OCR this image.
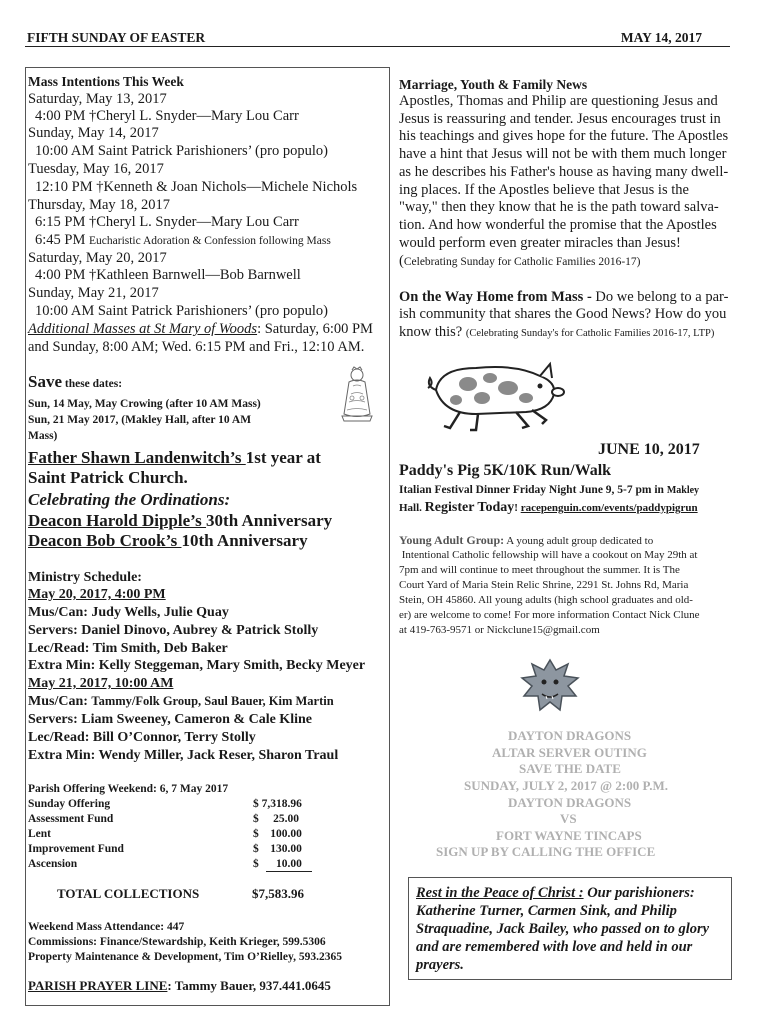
FIFTH SUNDAY OF EASTER	MAY 14, 2017
Mass Intentions This Week
Saturday, May 13, 2017
4:00 PM †Cheryl L. Snyder—Mary Lou Carr
Sunday, May 14, 2017
10:00 AM Saint Patrick Parishioners’ (pro populo)
Tuesday, May 16, 2017
12:10 PM †Kenneth & Joan Nichols—Michele Nichols
Thursday, May 18, 2017
6:15 PM †Cheryl L. Snyder—Mary Lou Carr
6:45 PM Eucharistic Adoration & Confession following Mass
Saturday, May 20, 2017
4:00 PM †Kathleen Barnwell—Bob Barnwell
Sunday, May 21, 2017
10:00 AM Saint Patrick Parishioners’ (pro populo)
Additional Masses at St Mary of Woods: Saturday, 6:00 PM
and Sunday, 8:00 AM; Wed. 6:15 PM and Fri., 12:10 AM.
Save these dates:
Sun, 14 May, May Crowing (after 10 AM Mass)
Sun, 21 May 2017, (Makley Hall, after 10 AM
Mass)
Father Shawn Landenwitch’s 1st year at
Saint Patrick Church.
Celebrating the Ordinations:
Deacon Harold Dipple’s 30th Anniversary
Deacon Bob Crook’s 10th Anniversary
Ministry Schedule:
May 20, 2017, 4:00 PM
Mus/Can: Judy Wells, Julie Quay
Servers: Daniel Dinovo, Aubrey & Patrick Stolly
Lec/Read: Tim Smith, Deb Baker
Extra Min: Kelly Steggeman, Mary Smith, Becky Meyer
May 21, 2017, 10:00 AM
Mus/Can: Tammy/Folk Group, Saul Bauer, Kim Martin
Servers: Liam Sweeney, Cameron & Cale Kline
Lec/Read: Bill O’Connor, Terry Stolly
Extra Min: Wendy Miller, Jack Reser, Sharon Traul
Parish Offering Weekend: 6, 7 May 2017
Sunday Offering	$ 7,318.96
Assessment Fund	$     25.00
Lent	$    100.00
Improvement Fund	$    130.00
Ascension	$      10.00
TOTAL COLLECTIONS	$7,583.96
Weekend Mass Attendance: 447
Commissions: Finance/Stewardship, Keith Krieger, 599.5306
Property Maintenance & Development, Tim O’Rielley, 593.2365
PARISH PRAYER LINE: Tammy Bauer, 937.441.0645
Marriage, Youth & Family News
Apostles, Thomas and Philip are questioning Jesus and
Jesus is reassuring and tender. Jesus encourages trust in
his teachings and gives hope for the future. The Apostles
have a hint that Jesus will not be with them much longer
as he describes his Father's house as having many dwell-
ing places. If the Apostles believe that Jesus is the
"way," then they know that he is the path toward salva-
tion. And how wonderful the promise that the Apostles
would perform even greater miracles than Jesus!
(Celebrating Sunday for Catholic Families 2016-17)
On the Way Home from Mass - Do we belong to a par-
ish community that shares the Good News? How do you
know this? (Celebrating Sunday's for Catholic Families 2016-17, LTP)
JUNE 10, 2017
Paddy's Pig 5K/10K Run/Walk
Italian Festival Dinner Friday Night June 9, 5-7 pm in Makley
Hall. Register Today! racepenguin.com/events/paddypigrun
Young Adult Group: A young adult group dedicated to
Intentional Catholic fellowship will have a cookout on May 29th at
7pm and will continue to meet throughout the summer. It is The
Court Yard of Maria Stein Relic Shrine, 2291 St. Johns Rd, Maria
Stein, OH 45860. All young adults (high school graduates and old-
er) are welcome to come! For more information Contact Nick Clune
at 419-763-9571 or Nickclune15@gmail.com
DAYTON DRAGONS
ALTAR SERVER OUTING
SAVE THE DATE
SUNDAY, JULY 2, 2017 @ 2:00 P.M.
DAYTON DRAGONS
VS
FORT WAYNE TINCAPS
SIGN UP BY CALLING THE OFFICE
Rest in the Peace of Christ : Our parishioners:
Katherine Turner, Carmen Sink, and Philip
Straquadine, Jack Bailey, who passed on to glory
and are remembered with love and held in our
prayers.
